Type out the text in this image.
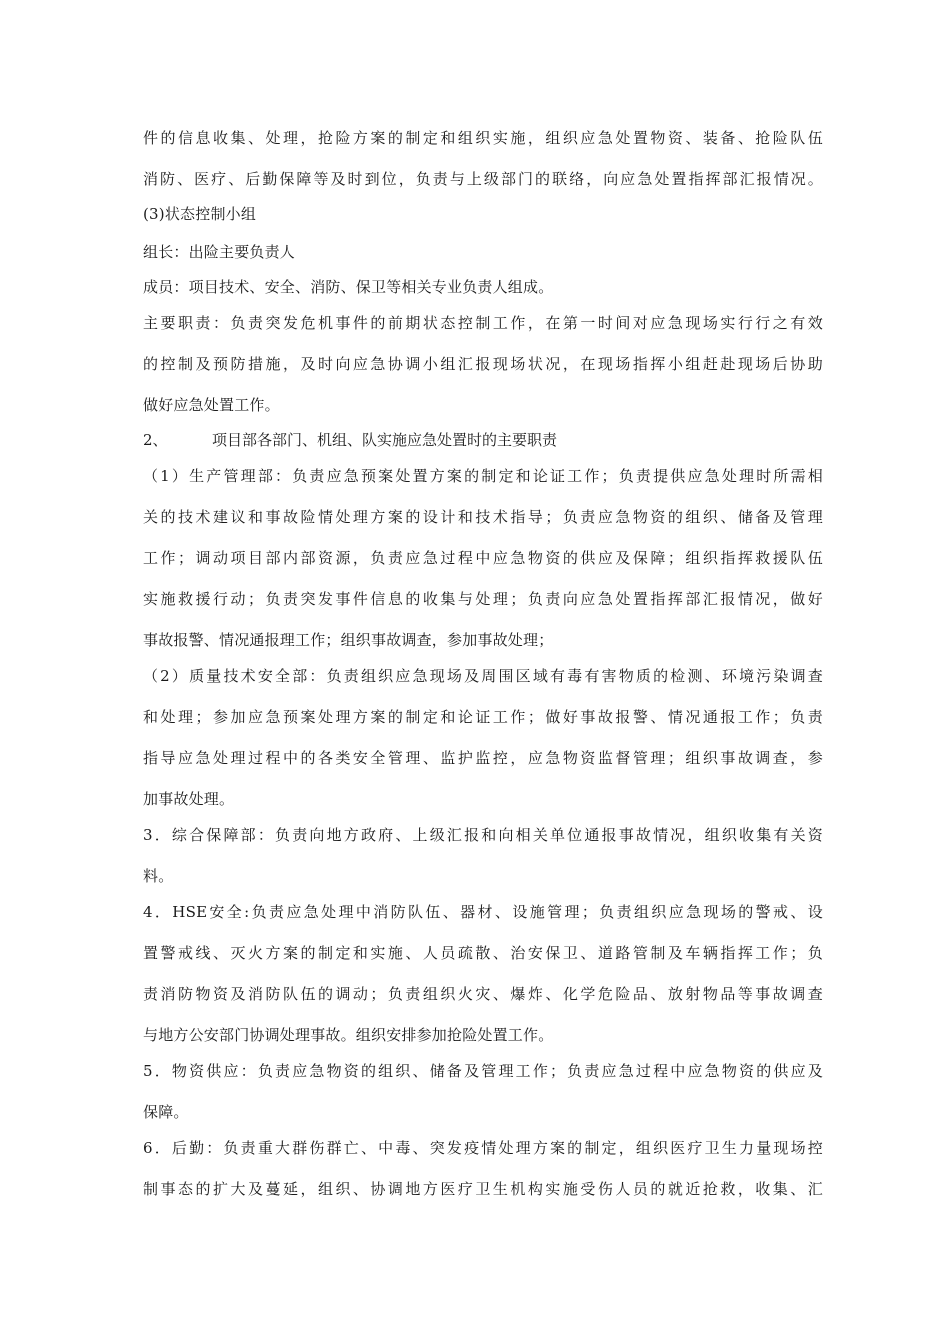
件的信息收集、处理，抢险方案的制定和组织实施，组织应急处置物资、装备、抢险队伍
消防、医疗、后勤保障等及时到位，负责与上级部门的联络，向应急处置指挥部汇报情况。
(3)状态控制小组
组长：出险主要负责人
成员：项目技术、安全、消防、保卫等相关专业负责人组成。
主要职责：负责突发危机事件的前期状态控制工作，在第一时间对应急现场实行行之有效
的控制及预防措施，及时向应急协调小组汇报现场状况，在现场指挥小组赶赴现场后协助
做好应急处置工作。
2、	项目部各部门、机组、队实施应急处置时的主要职责
（1）生产管理部：负责应急预案处置方案的制定和论证工作；负责提供应急处理时所需相
关的技术建议和事故险情处理方案的设计和技术指导；负责应急物资的组织、储备及管理
工作；调动项目部内部资源，负责应急过程中应急物资的供应及保障；组织指挥救援队伍
实施救援行动；负责突发事件信息的收集与处理；负责向应急处置指挥部汇报情况，做好
事故报警、情况通报理工作；组织事故调查，参加事故处理；
（2）质量技术安全部：负责组织应急现场及周围区域有毒有害物质的检测、环境污染调查
和处理；参加应急预案处理方案的制定和论证工作；做好事故报警、情况通报工作；负责
指导应急处理过程中的各类安全管理、监护监控，应急物资监督管理；组织事故调查，参
加事故处理。
3．综合保障部：负责向地方政府、上级汇报和向相关单位通报事故情况，组织收集有关资
料。
4．HSE安全:负责应急处理中消防队伍、器材、设施管理；负责组织应急现场的警戒、设
置警戒线、灭火方案的制定和实施、人员疏散、治安保卫、道路管制及车辆指挥工作；负
责消防物资及消防队伍的调动；负责组织火灾、爆炸、化学危险品、放射物品等事故调查
与地方公安部门协调处理事故。组织安排参加抢险处置工作。
5．物资供应：负责应急物资的组织、储备及管理工作；负责应急过程中应急物资的供应及
保障。
6．后勤：负责重大群伤群亡、中毒、突发疫情处理方案的制定，组织医疗卫生力量现场控
制事态的扩大及蔓延，组织、协调地方医疗卫生机构实施受伤人员的就近抢救，收集、汇
